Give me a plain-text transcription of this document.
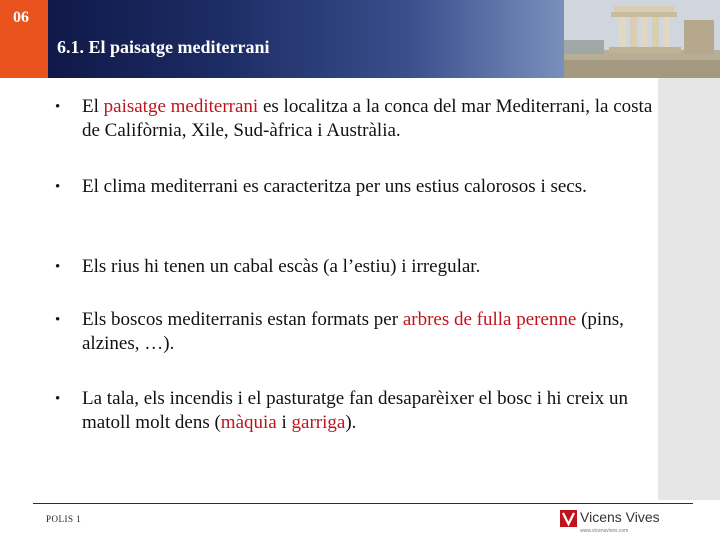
06
6.1. El paisatge mediterrani
• El paisatge mediterrani es localitza a la conca del mar Mediterrani, la costa de Califòrnia, Xile, Sud-àfrica i Austràlia.
• El clima mediterrani es caracteritza per uns estius calorosos i secs.
• Els rius hi tenen un cabal escàs (a l’estiu) i irregular.
• Els boscos mediterranis estan formats per arbres de fulla perenne (pins, alzines, …).
• La tala, els incendis i el pasturatge fan desaparèixer el bosc i hi creix un matoll molt dens (màquia i garriga).
POLIS 1	Vicens Vives
www.vicensvives.com
